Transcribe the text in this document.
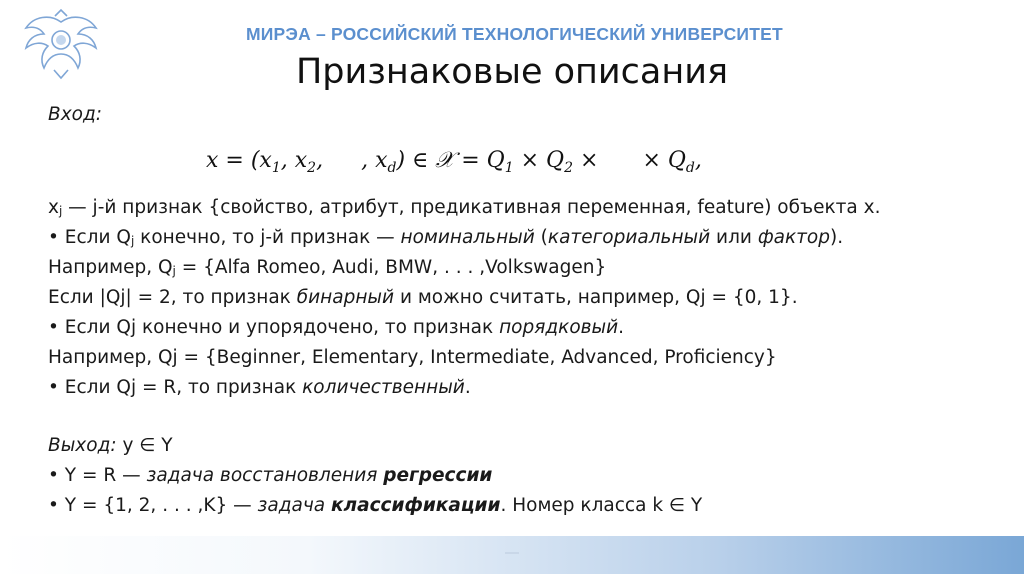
МИРЭА – РОССИЙСКИЙ ТЕХНОЛОГИЧЕСКИЙ УНИВЕРСИТЕТ
Признаковые описания
Вход:
$x = (x_1$, $x_2$, , $x_d$) ∈ 𝒳 = $Q_1 \times Q_2$ × × $Q_d$,
xj — j-й признак {свойство, атрибут, предикативная переменная, feature) объекта x.
• Если Qj конечно, то j-й признак — номинальный (категориальный или фактор).
Например, Qj = {Alfa Romeo, Audi, BMW, . . . ,Volkswagen}
Если |Qj| = 2, то признак бинарный и можно считать, например, Qj = {0, 1}.
• Если Qj конечно и упорядочено, то признак порядковый.
Например, Qj = {Beginner, Elementary, Intermediate, Advanced, Proficiency}
• Если Qj = R, то признак количественный.
Выход: y ∈ Y
• Y = R — задача восстановления регрессии
• Y = {1, 2, . . . ,K} — задача классификации. Номер класса k ∈ Y
